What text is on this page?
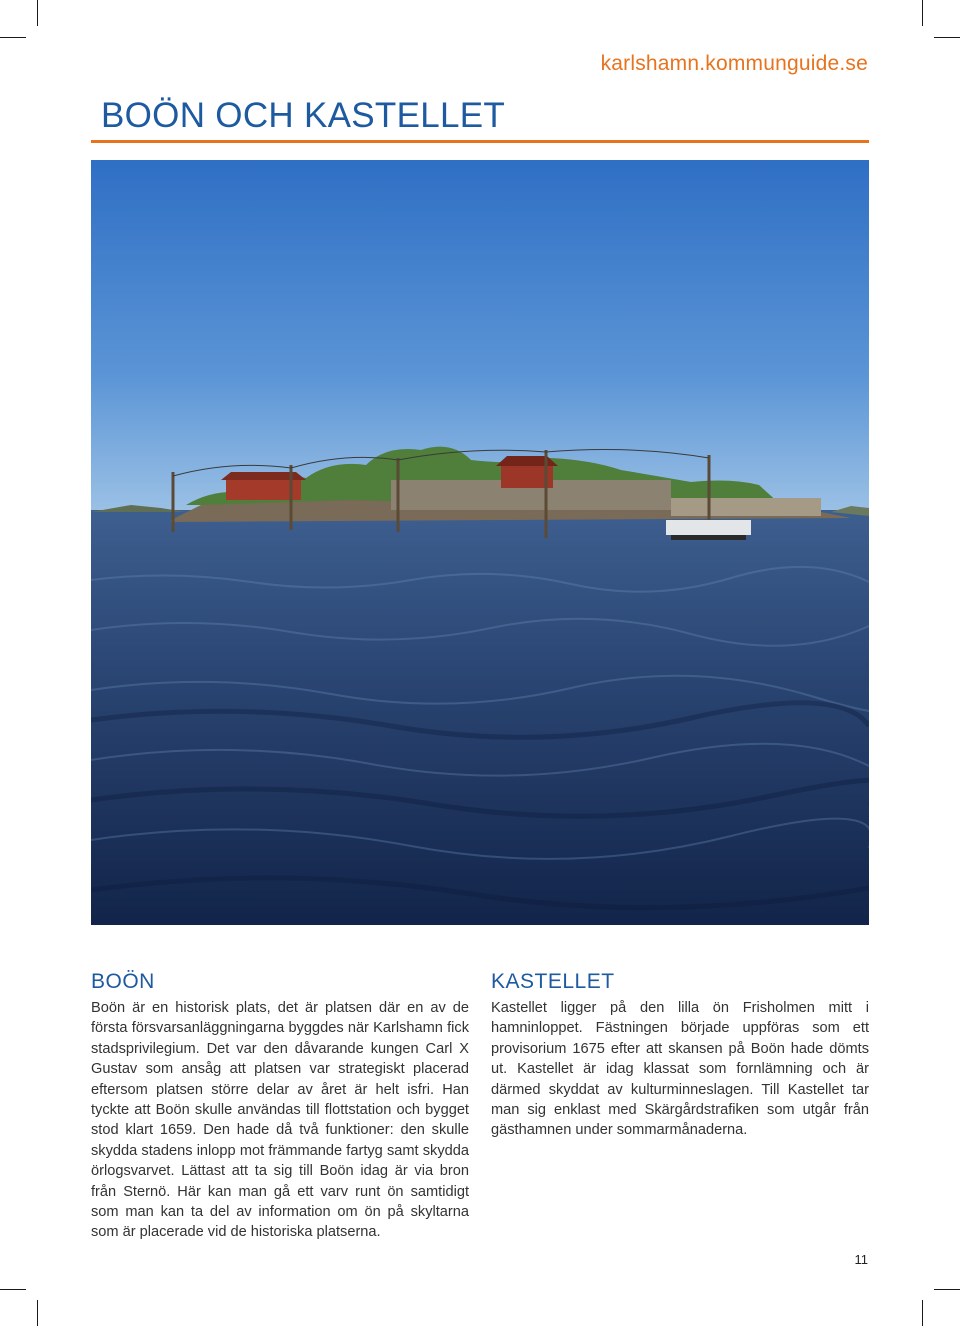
karlshamn.kommunguide.se
BOÖN OCH KASTELLET
BOÖN

Boön är en historisk plats, det är platsen där en av de första försvarsanläggningarna byggdes när Karlshamn fick stadsprivilegium. Det var den dåvarande kungen Carl X Gustav som ansåg att platsen var strategiskt placerad eftersom platsen större delar av året är helt isfri. Han tyckte att Boön skulle användas till flottstation och bygget stod klart 1659. Den hade då två funktioner: den skulle skydda stadens inlopp mot främmande fartyg samt skydda örlogsvarvet. Lättast att ta sig till Boön idag är via bron från Sternö. Här kan man gå ett varv runt ön samtidigt som man kan ta del av information om ön på skyltarna som är placerade vid de historiska platserna.

KASTELLET

Kastellet ligger på den lilla ön Frisholmen mitt i hamninloppet. Fästningen började uppföras som ett provisorium 1675 efter att skansen på Boön hade dömts ut. Kastellet är idag klassat som fornlämning och är därmed skyddat av kulturminneslagen. Till Kastellet tar man sig enklast med Skärgårdstrafiken som utgår från gästhamnen under sommarmånaderna.

11
